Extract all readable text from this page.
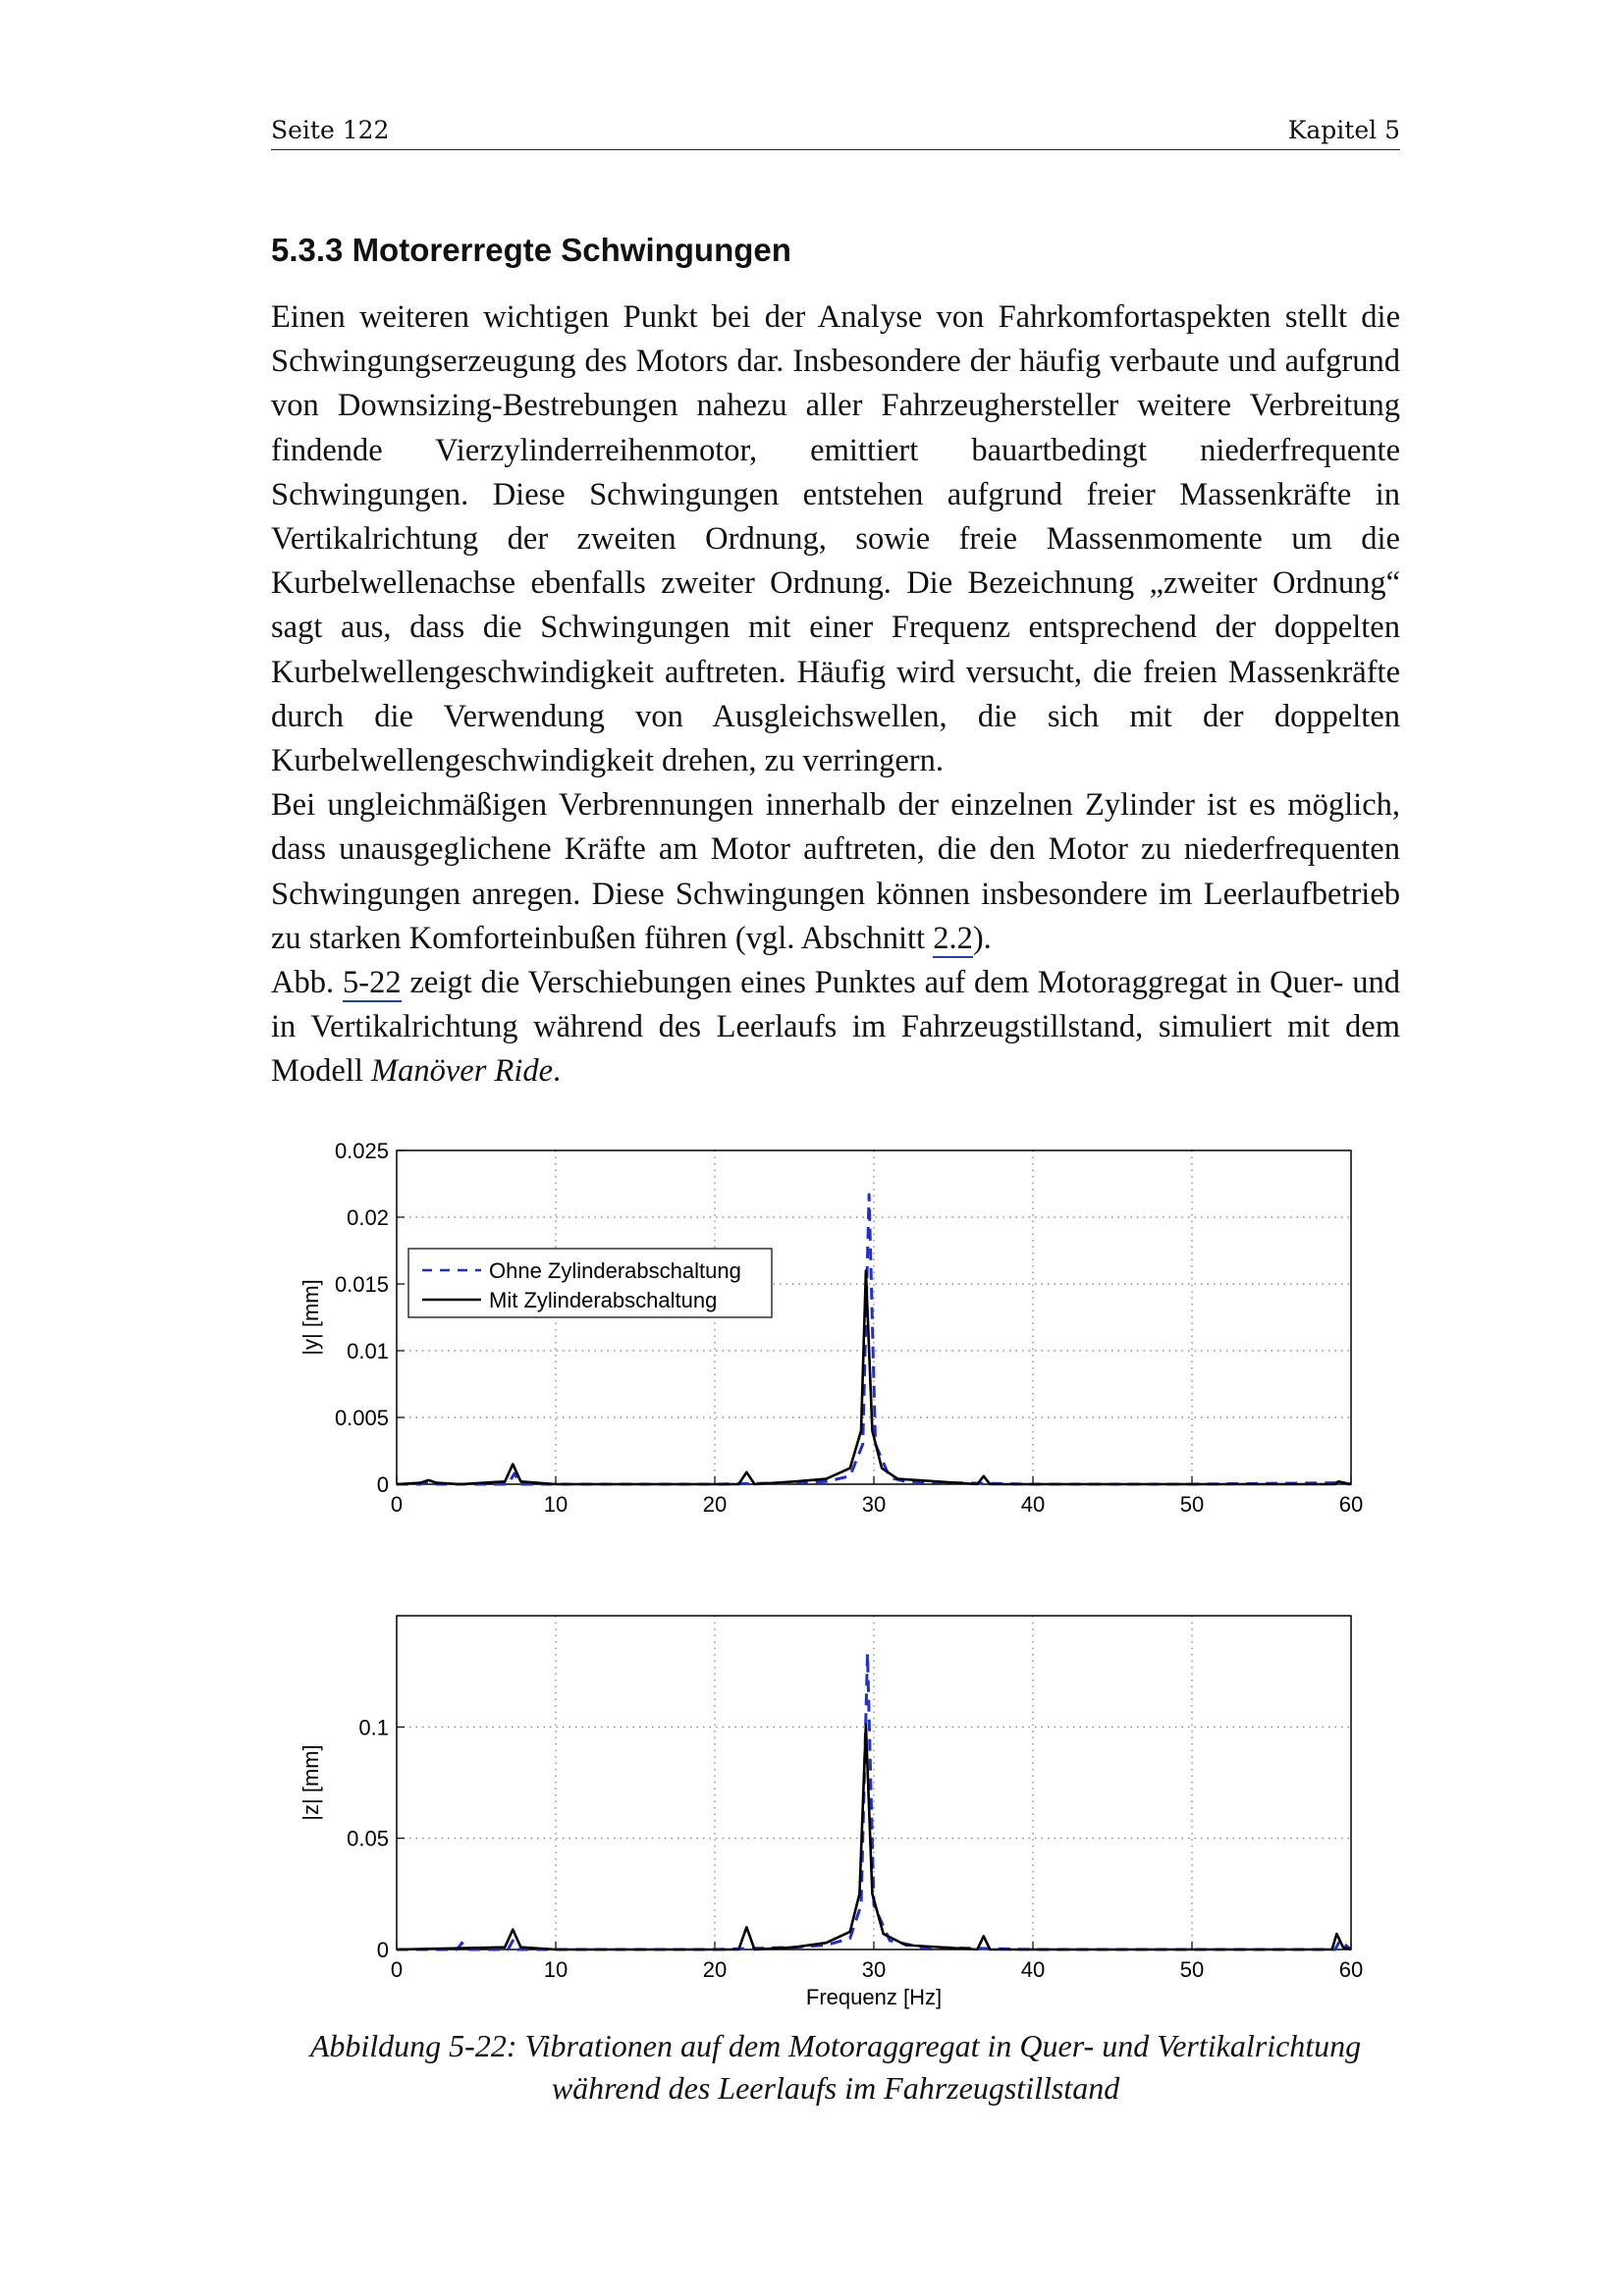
Seite 122	Kapitel 5
5.3.3 Motorerregte Schwingungen

Einen weiteren wichtigen Punkt bei der Analyse von Fahrkomfortaspekten stellt die Schwingungserzeugung des Motors dar. Insbesondere der häufig verbaute und aufgrund von Downsizing-Bestrebungen nahezu aller Fahrzeughersteller weitere Verbreitung findende Vierzylinderreihenmotor, emittiert bauartbedingt niederfrequente Schwingungen. Diese Schwingungen entstehen aufgrund freier Massenkräfte in Vertikalrichtung der zweiten Ordnung, sowie freie Massenmomente um die Kurbelwellenachse ebenfalls zweiter Ordnung. Die Bezeichnung „zweiter Ordnung“ sagt aus, dass die Schwingungen mit einer Frequenz entsprechend der doppelten Kurbelwellengeschwindigkeit auftreten. Häufig wird versucht, die freien Massenkräfte durch die Verwendung von Ausgleichswellen, die sich mit der doppelten Kurbelwellengeschwindigkeit drehen, zu verringern.

Bei ungleichmäßigen Verbrennungen innerhalb der einzelnen Zylinder ist es möglich, dass unausgeglichene Kräfte am Motor auftreten, die den Motor zu niederfrequenten Schwingungen anregen. Diese Schwingungen können insbesondere im Leerlaufbetrieb zu starken Komforteinbußen führen (vgl. Abschnitt 2.2).

Abb. 5-22 zeigt die Verschiebungen eines Punktes auf dem Motoraggregat in Quer- und in Vertikalrichtung während des Leerlaufs im Fahrzeugstillstand, simuliert mit dem Modell Manöver Ride.

0	10	20	30	40	50	60
0
0.005
0.01
0.015
0.02
0.025
|y| [mm]
Ohne Zylinderabschaltung
Mit Zylinderabschaltung
0	10	20	30	40	50	60
0
0.05
0.1
|z| [mm]
Frequenz [Hz]
Abbildung 5-22: Vibrationen auf dem Motoraggregat in Quer- und Vertikalrichtung während des Leerlaufs im Fahrzeugstillstand
